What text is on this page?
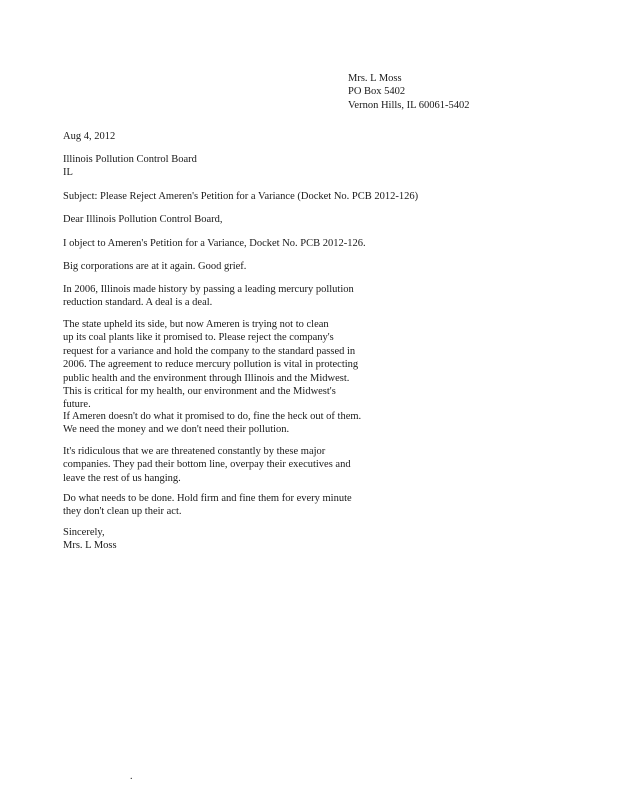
Mrs. L Moss
PO Box 5402
Vernon Hills, IL 60061-5402
Aug 4, 2012
Illinois Pollution Control Board
IL
Subject: Please Reject Ameren's Petition for a Variance (Docket No. PCB 2012-126)
Dear Illinois Pollution Control Board,
I object to Ameren's Petition for a Variance, Docket No. PCB 2012-126.
Big corporations are at it again. Good grief.
In 2006, Illinois made history by passing a leading mercury pollution
reduction standard. A deal is a deal.
The state upheld its side, but now Ameren is trying not to clean
up its coal plants like it promised to. Please reject the company's
request for a variance and hold the company to the standard passed in
2006. The agreement to reduce mercury pollution is vital in protecting
public health and the environment through Illinois and the Midwest.
This is critical for my health, our environment and the Midwest's
future.
If Ameren doesn't do what it promised to do, fine the heck out of them.
We need the money and we don't need their pollution.
It's ridiculous that we are threatened constantly by these major
companies. They pad their bottom line, overpay their executives and
leave the rest of us hanging.
Do what needs to be done. Hold firm and fine them for every minute
they don't clean up their act.
Sincerely,
Mrs. L Moss
.
